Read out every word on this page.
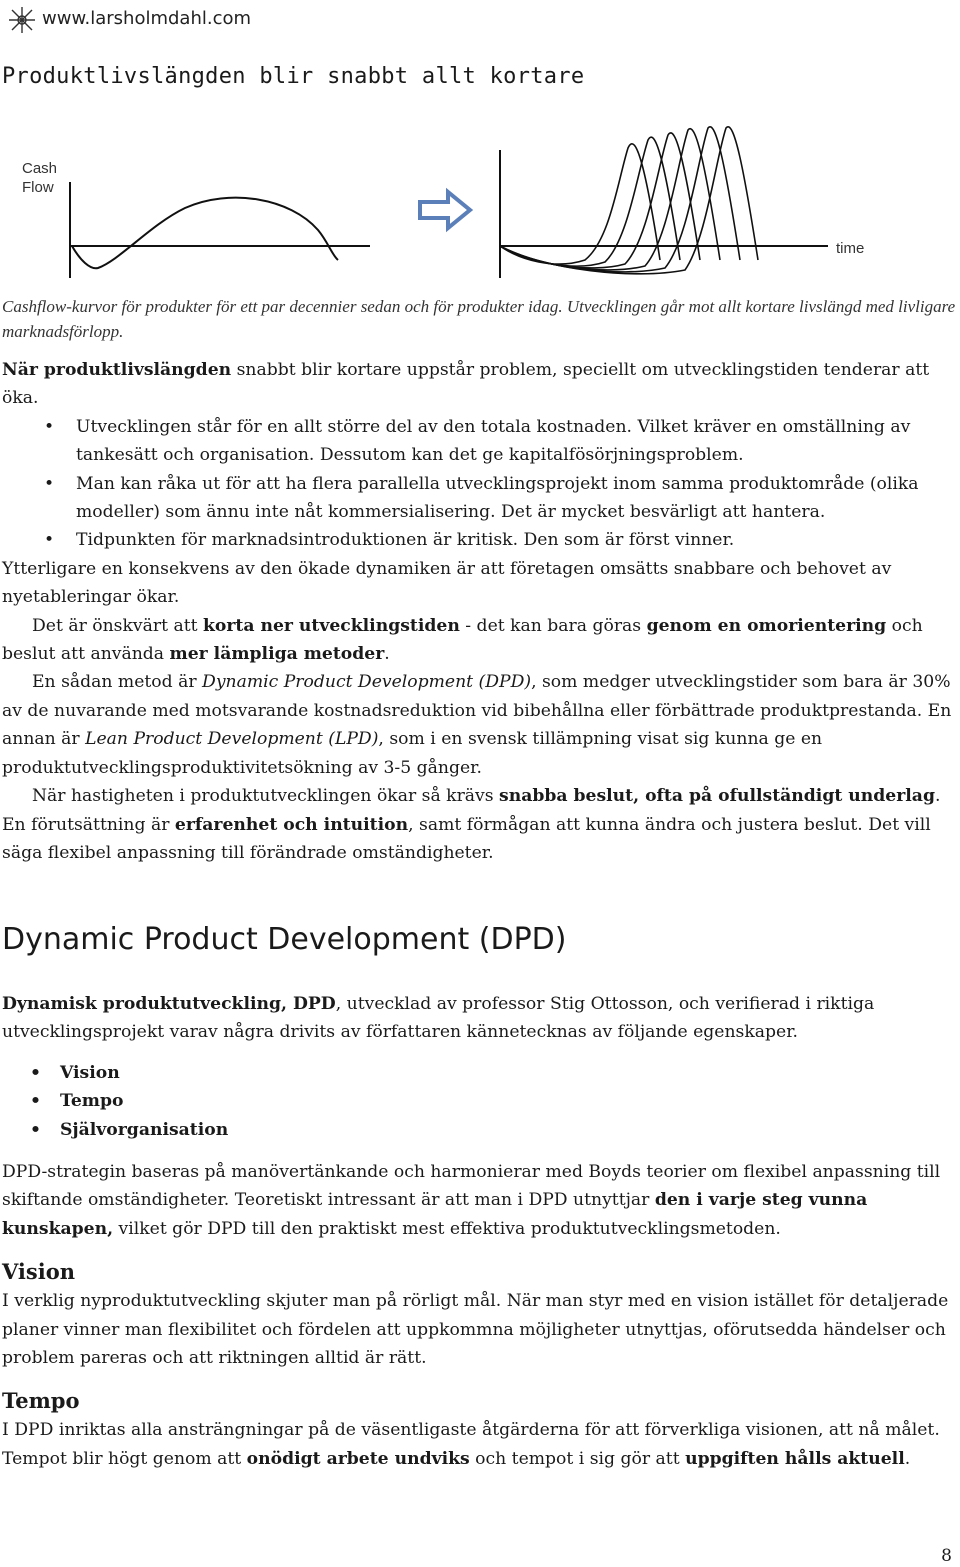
www.larsholmdahl.com
Produktlivslängden blir snabbt allt kortare
Cash
Flow
time
Cashflow-kurvor för produkter för ett par decennier sedan och för produkter idag. Utvecklingen går mot allt kortare livslängd med livligare marknadsförlopp.

När produktlivslängden snabbt blir kortare uppstår problem, speciellt om utvecklingstiden tenderar att öka.

• Utvecklingen står för en allt större del av den totala kostnaden. Vilket kräver en omställning av tankesätt och organisation. Dessutom kan det ge kapitalfösörjningsproblem.
• Man kan råka ut för att ha flera parallella utvecklingsprojekt inom samma produktområde (olika modeller) som ännu inte nåt kommersialisering. Det är mycket besvärligt att hantera.
• Tidpunkten för marknadsintroduktionen är kritisk. Den som är först vinner.

Ytterligare en konsekvens av den ökade dynamiken är att företagen omsätts snabbare och behovet av nyetableringar ökar.

Det är önskvärt att korta ner utvecklingstiden - det kan bara göras genom en omorientering och beslut att använda mer lämpliga metoder.

En sådan metod är Dynamic Product Development (DPD), som medger utvecklingstider som bara är 30% av de nuvarande med motsvarande kostnadsreduktion vid bibehållna eller förbättrade produktprestanda. En annan är Lean Product Development (LPD), som i en svensk tillämpning visat sig kunna ge en produktutvecklingsproduktivitetsökning av 3-5 gånger.

När hastigheten i produktutvecklingen ökar så krävs snabba beslut, ofta på ofullständigt underlag. En förutsättning är erfarenhet och intuition, samt förmågan att kunna ändra och justera beslut. Det vill säga flexibel anpassning till förändrade omständigheter.

Dynamic Product Development (DPD)

Dynamisk produktutveckling, DPD, utvecklad av professor Stig Ottosson, och verifierad i riktiga utvecklingsprojekt varav några drivits av författaren kännetecknas av följande egenskaper.

• Vision
• Tempo
• Självorganisation

DPD-strategin baseras på manövertänkande och harmonierar med Boyds teorier om flexibel anpassning till skiftande omständigheter. Teoretiskt intressant är att man i DPD utnyttjar den i varje steg vunna kunskapen, vilket gör DPD till den praktiskt mest effektiva produktutvecklingsmetoden.

Vision

I verklig nyproduktutveckling skjuter man på rörligt mål. När man styr med en vision istället för detaljerade planer vinner man flexibilitet och fördelen att uppkommna möjligheter utnyttjas, oförutsedda händelser och problem pareras och att riktningen alltid är rätt.

Tempo

I DPD inriktas alla ansträngningar på de väsentligaste åtgärderna för att förverkliga visionen, att nå målet. Tempot blir högt genom att onödigt arbete undviks och tempot i sig gör att uppgiften hålls aktuell.

8
